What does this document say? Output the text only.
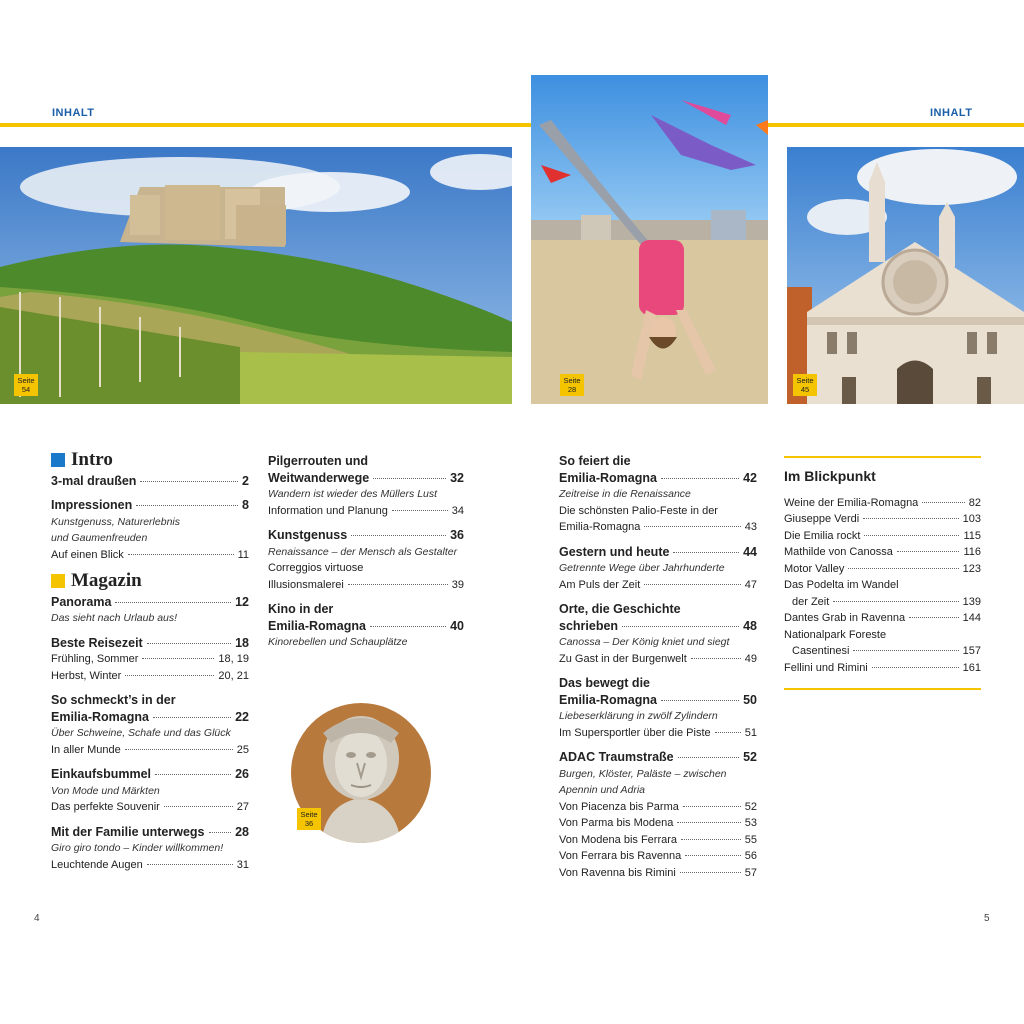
INHALT	INHALT
Seite
54
Seite
28
Seite
45
Seite
36
Intro
3-mal draußen	2
Impressionen	8
Kunstgenuss, Naturerlebnis
und Gaumenfreuden
Auf einen Blick	11
Magazin
Panorama	12
Das sieht nach Urlaub aus!
Beste Reisezeit	18
Frühling, Sommer	18, 19
Herbst, Winter	20, 21
So schmeckt’s in der
Emilia-Romagna	22
Über Schweine, Schafe und das Glück
In aller Munde	25
Einkaufsbummel	26
Von Mode und Märkten
Das perfekte Souvenir	27
Mit der Familie unterwegs 28
Giro giro tondo – Kinder willkommen!
Leuchtende Augen	31
Pilgerrouten und
Weitwanderwege	32
Wandern ist wieder des Müllers Lust
Information und Planung	34
Kunstgenuss	36
Renaissance – der Mensch als Gestalter
Correggios virtuose
Illusionsmalerei	39
Kino in der
Emilia-Romagna	40
Kinorebellen und Schauplätze
So feiert die
Emilia-Romagna	42
Zeitreise in die Renaissance
Die schönsten Palio-Feste in der
Emilia-Romagna	43
Gestern und heute	44
Getrennte Wege über Jahrhunderte
Am Puls der Zeit	47
Orte, die Geschichte
schrieben	48
Canossa – Der König kniet und siegt
Zu Gast in der Burgenwelt	49
Das bewegt die
Emilia-Romagna	50
Liebeserklärung in zwölf Zylindern
Im Supersportler über die Piste	51
ADAC Traumstraße	52
Burgen, Klöster, Paläste – zwischen
Apennin und Adria
Von Piacenza bis Parma	52
Von Parma bis Modena	53
Von Modena bis Ferrara	55
Von Ferrara bis Ravenna	56
Von Ravenna bis Rimini	57
Im Blickpunkt
Weine der Emilia-Romagna	82
Giuseppe Verdi	103
Die Emilia rockt	115
Mathilde von Canossa	116
Motor Valley	123
Das Podelta im Wandel
der Zeit	139
Dantes Grab in Ravenna	144
Nationalpark Foreste
Casentinesi	157
Fellini und Rimini	161
4	5
